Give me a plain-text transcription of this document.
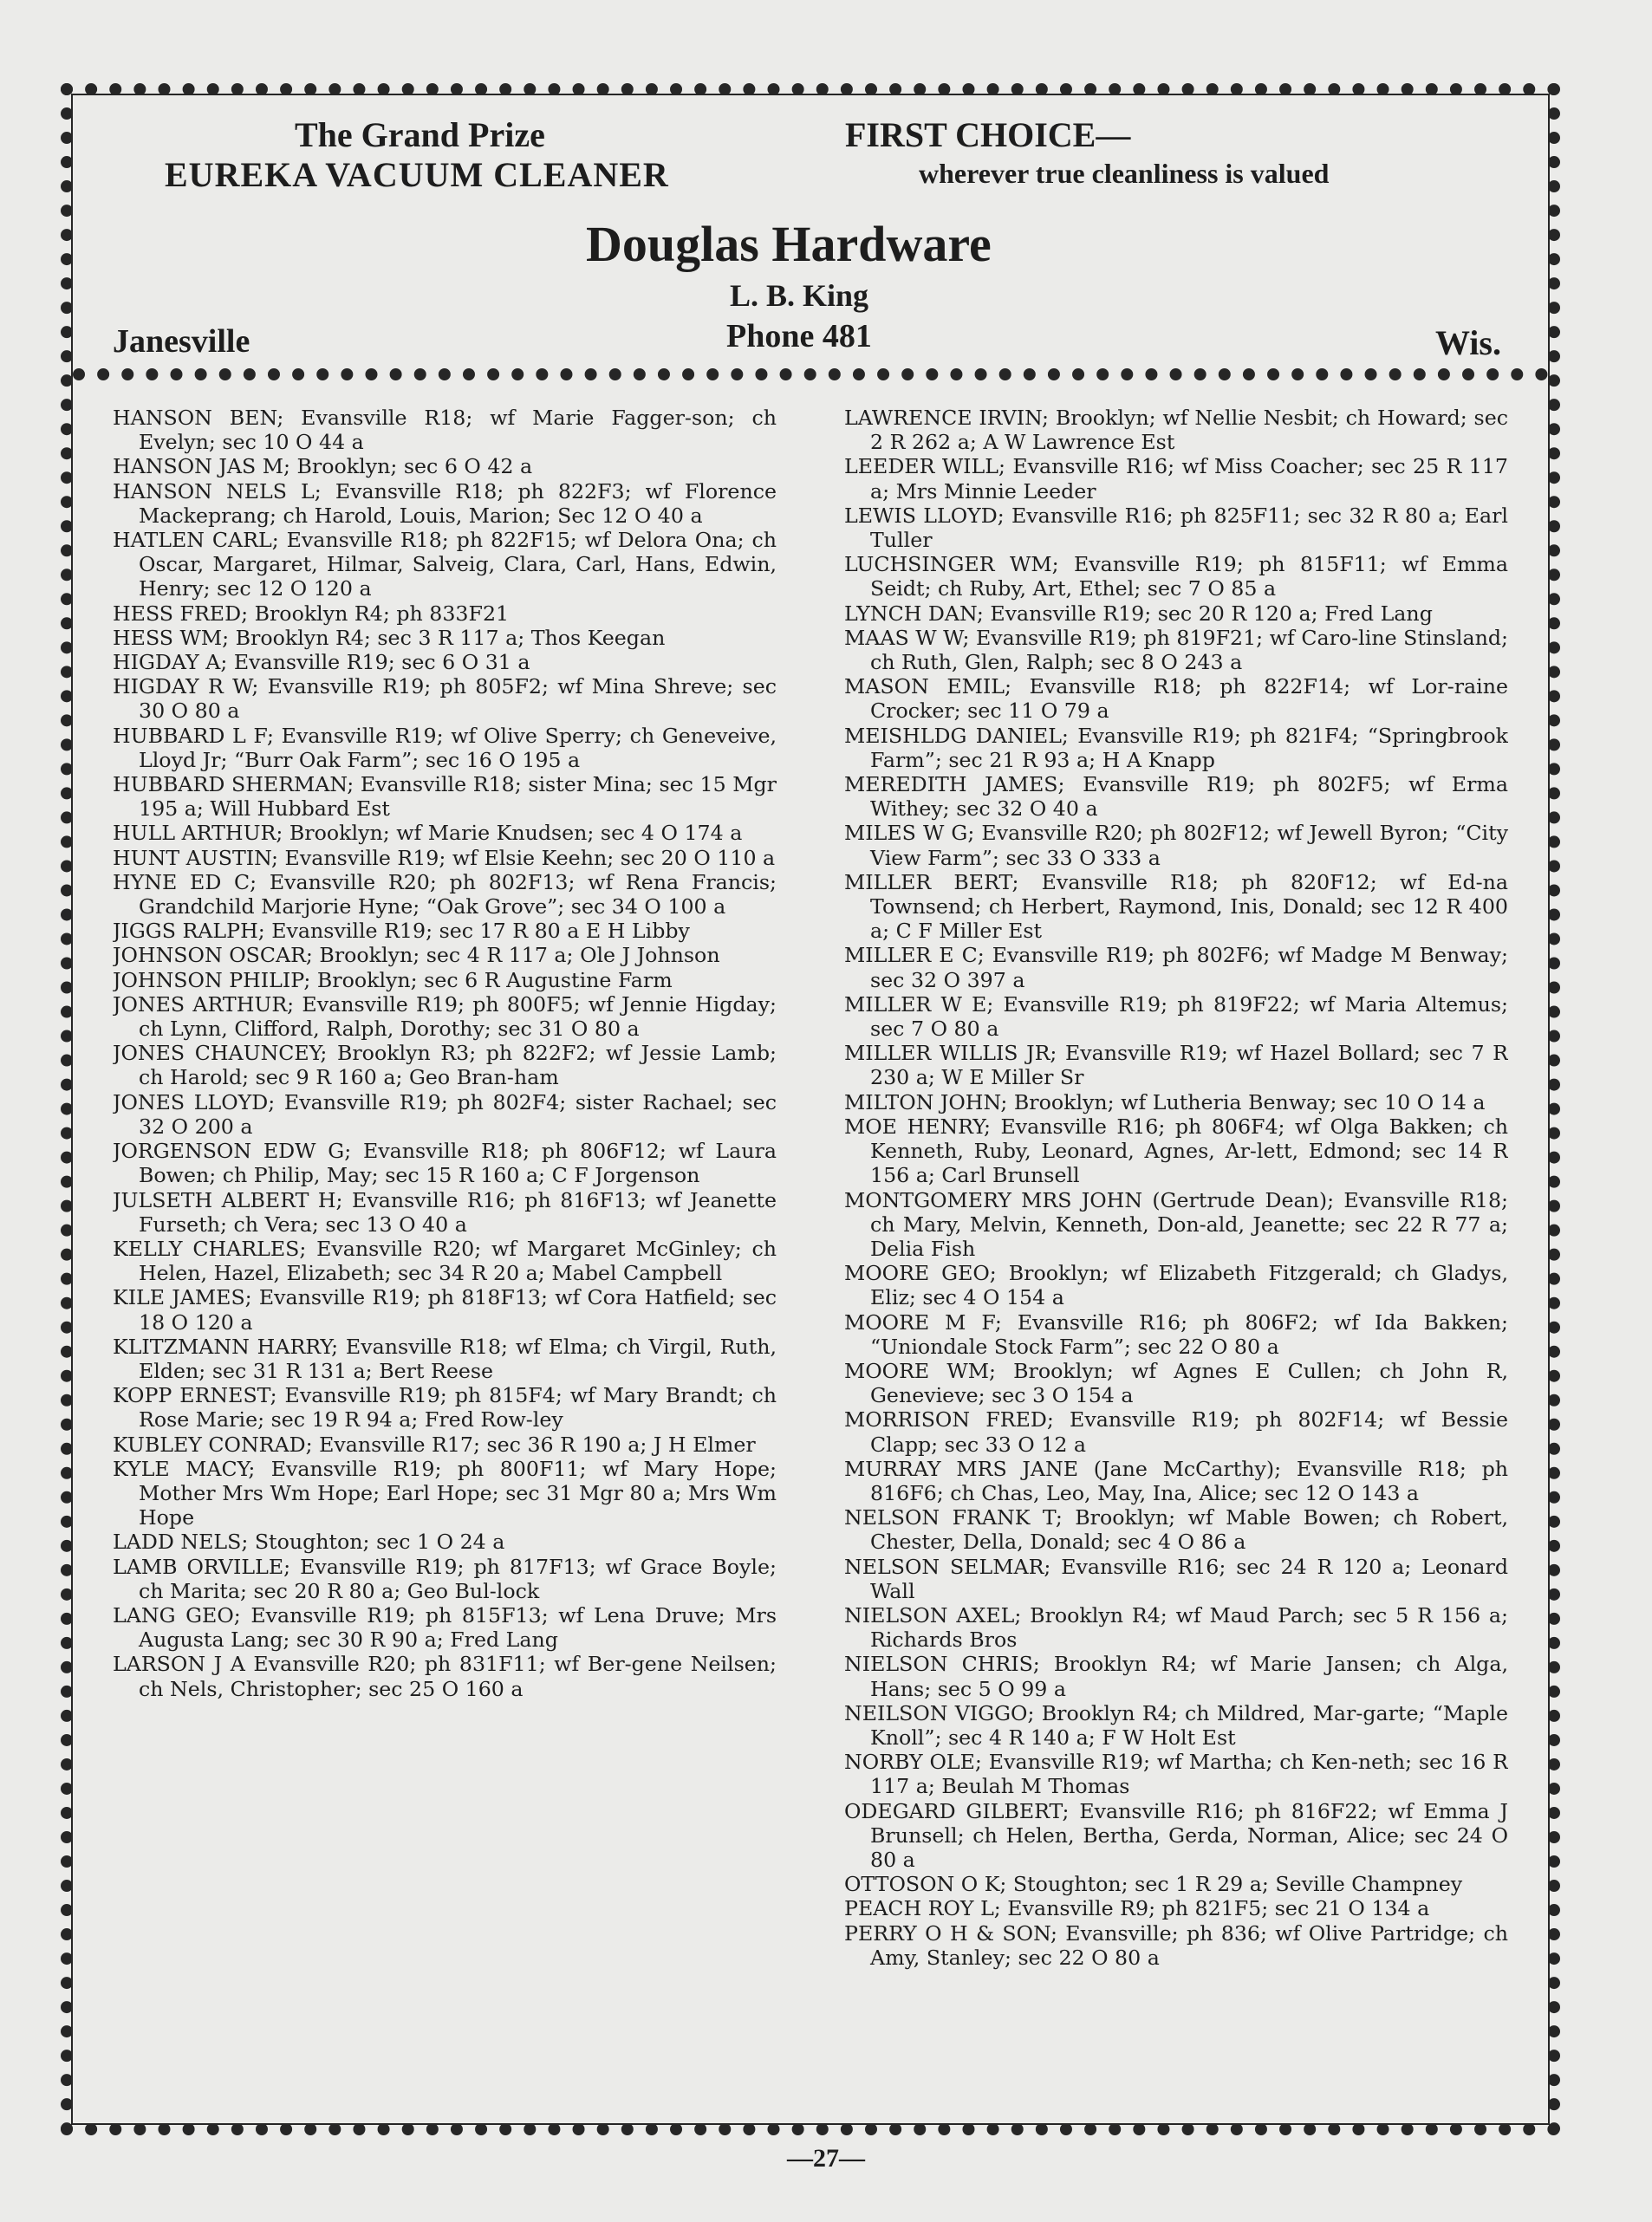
The Grand Prize
EUREKA VACUUM CLEANER
FIRST CHOICE—
wherever true cleanliness is valued
Douglas Hardware
L. B. King
Phone 481
Janesville	Wis.
HANSON BEN; Evansville R18; wf Marie Fagger-son; ch Evelyn; sec 10 O 44 a
HANSON JAS M; Brooklyn; sec 6 O 42 a
HANSON NELS L; Evansville R18; ph 822F3; wf Florence Mackeprang; ch Harold, Louis, Marion; Sec 12 O 40 a
HATLEN CARL; Evansville R18; ph 822F15; wf Delora Ona; ch Oscar, Margaret, Hilmar, Salveig, Clara, Carl, Hans, Edwin, Henry; sec 12 O 120 a
HESS FRED; Brooklyn R4; ph 833F21
HESS WM; Brooklyn R4; sec 3 R 117 a; Thos Keegan
HIGDAY A; Evansville R19; sec 6 O 31 a
HIGDAY R W; Evansville R19; ph 805F2; wf Mina Shreve; sec 30 O 80 a
HUBBARD L F; Evansville R19; wf Olive Sperry; ch Geneveive, Lloyd Jr; “Burr Oak Farm”; sec 16 O 195 a
HUBBARD SHERMAN; Evansville R18; sister Mina; sec 15 Mgr 195 a; Will Hubbard Est
HULL ARTHUR; Brooklyn; wf Marie Knudsen; sec 4 O 174 a
HUNT AUSTIN; Evansville R19; wf Elsie Keehn; sec 20 O 110 a
HYNE ED C; Evansville R20; ph 802F13; wf Rena Francis; Grandchild Marjorie Hyne; “Oak Grove”; sec 34 O 100 a
JIGGS RALPH; Evansville R19; sec 17 R 80 a E H Libby
JOHNSON OSCAR; Brooklyn; sec 4 R 117 a; Ole J Johnson
JOHNSON PHILIP; Brooklyn; sec 6 R Augustine Farm
JONES ARTHUR; Evansville R19; ph 800F5; wf Jennie Higday; ch Lynn, Clifford, Ralph, Dorothy; sec 31 O 80 a
JONES CHAUNCEY; Brooklyn R3; ph 822F2; wf Jessie Lamb; ch Harold; sec 9 R 160 a; Geo Bran-ham
JONES LLOYD; Evansville R19; ph 802F4; sister Rachael; sec 32 O 200 a
JORGENSON EDW G; Evansville R18; ph 806F12; wf Laura Bowen; ch Philip, May; sec 15 R 160 a; C F Jorgenson
JULSETH ALBERT H; Evansville R16; ph 816F13; wf Jeanette Furseth; ch Vera; sec 13 O 40 a
KELLY CHARLES; Evansville R20; wf Margaret McGinley; ch Helen, Hazel, Elizabeth; sec 34 R 20 a; Mabel Campbell
KILE JAMES; Evansville R19; ph 818F13; wf Cora Hatfield; sec 18 O 120 a
KLITZMANN HARRY; Evansville R18; wf Elma; ch Virgil, Ruth, Elden; sec 31 R 131 a; Bert Reese
KOPP ERNEST; Evansville R19; ph 815F4; wf Mary Brandt; ch Rose Marie; sec 19 R 94 a; Fred Row-ley
KUBLEY CONRAD; Evansville R17; sec 36 R 190 a; J H Elmer
KYLE MACY; Evansville R19; ph 800F11; wf Mary Hope; Mother Mrs Wm Hope; Earl Hope; sec 31 Mgr 80 a; Mrs Wm Hope
LADD NELS; Stoughton; sec 1 O 24 a
LAMB ORVILLE; Evansville R19; ph 817F13; wf Grace Boyle; ch Marita; sec 20 R 80 a; Geo Bul-lock
LANG GEO; Evansville R19; ph 815F13; wf Lena Druve; Mrs Augusta Lang; sec 30 R 90 a; Fred Lang
LARSON J A Evansville R20; ph 831F11; wf Ber-gene Neilsen; ch Nels, Christopher; sec 25 O 160 a
LAWRENCE IRVIN; Brooklyn; wf Nellie Nesbit; ch Howard; sec 2 R 262 a; A W Lawrence Est
LEEDER WILL; Evansville R16; wf Miss Coacher; sec 25 R 117 a; Mrs Minnie Leeder
LEWIS LLOYD; Evansville R16; ph 825F11; sec 32 R 80 a; Earl Tuller
LUCHSINGER WM; Evansville R19; ph 815F11; wf Emma Seidt; ch Ruby, Art, Ethel; sec 7 O 85 a
LYNCH DAN; Evansville R19; sec 20 R 120 a; Fred Lang
MAAS W W; Evansville R19; ph 819F21; wf Caro-line Stinsland; ch Ruth, Glen, Ralph; sec 8 O 243 a
MASON EMIL; Evansville R18; ph 822F14; wf Lor-raine Crocker; sec 11 O 79 a
MEISHLDG DANIEL; Evansville R19; ph 821F4; “Springbrook Farm”; sec 21 R 93 a; H A Knapp
MEREDITH JAMES; Evansville R19; ph 802F5; wf Erma Withey; sec 32 O 40 a
MILES W G; Evansville R20; ph 802F12; wf Jewell Byron; “City View Farm”; sec 33 O 333 a
MILLER BERT; Evansville R18; ph 820F12; wf Ed-na Townsend; ch Herbert, Raymond, Inis, Donald; sec 12 R 400 a; C F Miller Est
MILLER E C; Evansville R19; ph 802F6; wf Madge M Benway; sec 32 O 397 a
MILLER W E; Evansville R19; ph 819F22; wf Maria Altemus; sec 7 O 80 a
MILLER WILLIS JR; Evansville R19; wf Hazel Bollard; sec 7 R 230 a; W E Miller Sr
MILTON JOHN; Brooklyn; wf Lutheria Benway; sec 10 O 14 a
MOE HENRY; Evansville R16; ph 806F4; wf Olga Bakken; ch Kenneth, Ruby, Leonard, Agnes, Ar-lett, Edmond; sec 14 R 156 a; Carl Brunsell
MONTGOMERY MRS JOHN (Gertrude Dean); Evansville R18; ch Mary, Melvin, Kenneth, Don-ald, Jeanette; sec 22 R 77 a; Delia Fish
MOORE GEO; Brooklyn; wf Elizabeth Fitzgerald; ch Gladys, Eliz; sec 4 O 154 a
MOORE M F; Evansville R16; ph 806F2; wf Ida Bakken; “Uniondale Stock Farm”; sec 22 O 80 a
MOORE WM; Brooklyn; wf Agnes E Cullen; ch John R, Genevieve; sec 3 O 154 a
MORRISON FRED; Evansville R19; ph 802F14; wf Bessie Clapp; sec 33 O 12 a
MURRAY MRS JANE (Jane McCarthy); Evansville R18; ph 816F6; ch Chas, Leo, May, Ina, Alice; sec 12 O 143 a
NELSON FRANK T; Brooklyn; wf Mable Bowen; ch Robert, Chester, Della, Donald; sec 4 O 86 a
NELSON SELMAR; Evansville R16; sec 24 R 120 a; Leonard Wall
NIELSON AXEL; Brooklyn R4; wf Maud Parch; sec 5 R 156 a; Richards Bros
NIELSON CHRIS; Brooklyn R4; wf Marie Jansen; ch Alga, Hans; sec 5 O 99 a
NEILSON VIGGO; Brooklyn R4; ch Mildred, Mar-garte; “Maple Knoll”; sec 4 R 140 a; F W Holt Est
NORBY OLE; Evansville R19; wf Martha; ch Ken-neth; sec 16 R 117 a; Beulah M Thomas
ODEGARD GILBERT; Evansville R16; ph 816F22; wf Emma J Brunsell; ch Helen, Bertha, Gerda, Norman, Alice; sec 24 O 80 a
OTTOSON O K; Stoughton; sec 1 R 29 a; Seville Champney
PEACH ROY L; Evansville R9; ph 821F5; sec 21 O 134 a
PERRY O H & SON; Evansville; ph 836; wf Olive Partridge; ch Amy, Stanley; sec 22 O 80 a
—27—
